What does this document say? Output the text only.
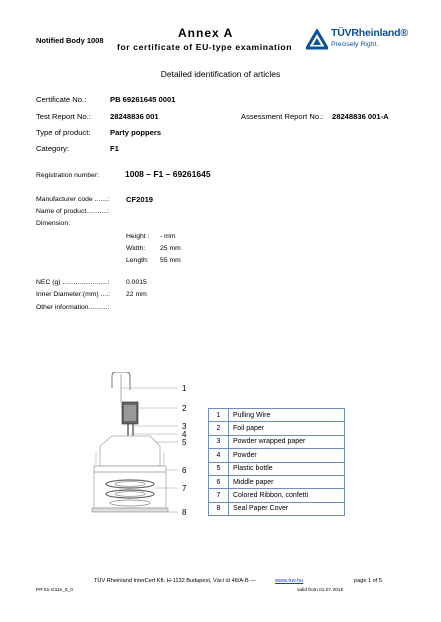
Notified Body 1008
Annex A
for certificate of EU-type examination
TÜVRheinland®
Precisely Right.
Detailed identification of articles
Certificate No.:	PB 69261645 0001
Test Report No.:	28248836 001	Assessment Report No.: 28248836 001-A
Type of product:	Party poppers
Category:	F1
Registration number:	1008 – F1 – 69261645
Manufacturer code .......: CF2019
Name of product...........:
Dimension:
Height : - mm
Width: 25 mm
Length: 55 mm
NEC (g) ........................: 0.0015
Inner Diameter:(mm) ....: 22 mm
Other information..........:
1
2
3
4
5
6
7
8
1	Pulling Wire
2	Foil paper
3	Powder wrapped paper
4	Powder
5	Plastic bottle
6	Middle paper
7	Colored Ribbon, confetti
8	Seal Paper Cover
TÜV Rheinland InterCert Kft. H-1132 Budapest, Váci út 48/A-B —	www.tuv.hu	page 1 of 5
PR 51-G11e_5_0	valid from 01.07.2015
